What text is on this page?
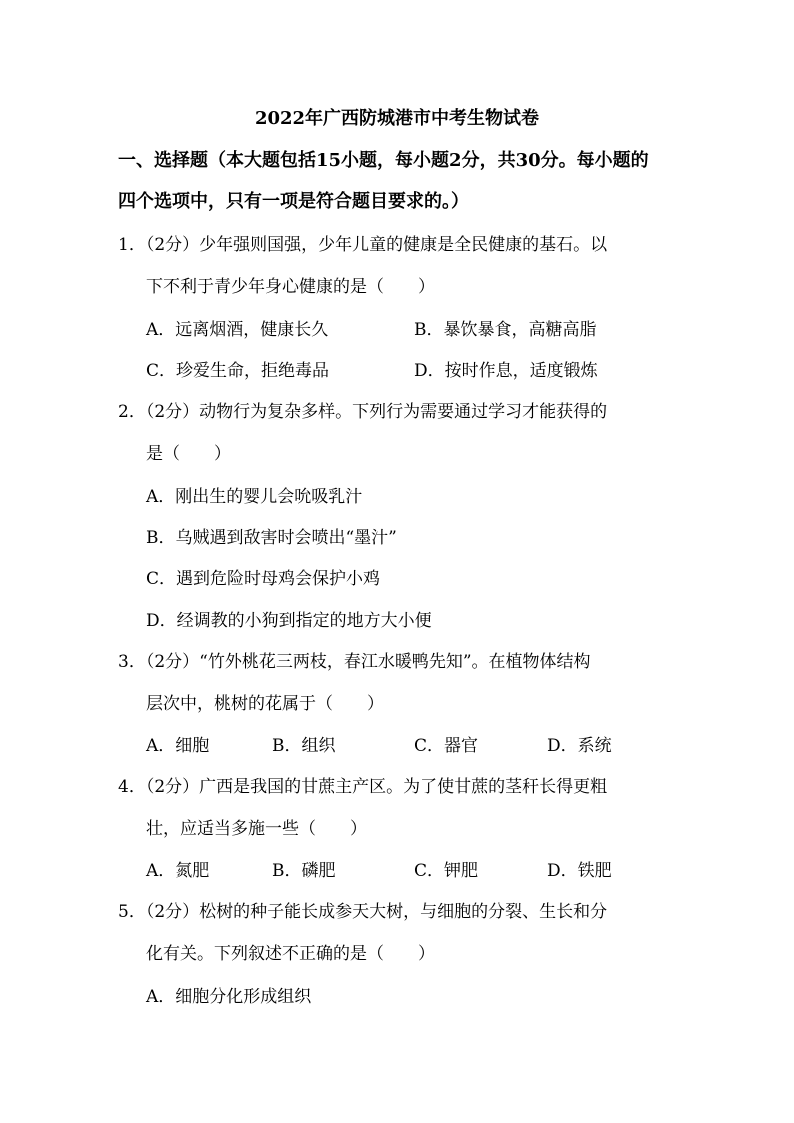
2022年广西防城港市中考生物试卷
一、选择题（本大题包括15小题，每小题2分，共30分。每小题的
四个选项中，只有一项是符合题目要求的。）
1．（2分）少年强则国强，少年儿童的健康是全民健康的基石。以
下不利于青少年身心健康的是（　　）
A．远离烟酒，健康长久	B．暴饮暴食，高糖高脂
C．珍爱生命，拒绝毒品	D．按时作息，适度锻炼
2．（2分）动物行为复杂多样。下列行为需要通过学习才能获得的
是（　　）
A．刚出生的婴儿会吮吸乳汁
B．乌贼遇到敌害时会喷出“墨汁”
C．遇到危险时母鸡会保护小鸡
D．经调教的小狗到指定的地方大小便
3．（2分）“竹外桃花三两枝，春江水暖鸭先知”。在植物体结构
层次中，桃树的花属于（　　）
A．细胞	B．组织	C．器官	D．系统
4．（2分）广西是我国的甘蔗主产区。为了使甘蔗的茎秆长得更粗
壮，应适当多施一些（　　）
A．氮肥	B．磷肥	C．钾肥	D．铁肥
5．（2分）松树的种子能长成参天大树，与细胞的分裂、生长和分
化有关。下列叙述不正确的是（　　）
A．细胞分化形成组织
